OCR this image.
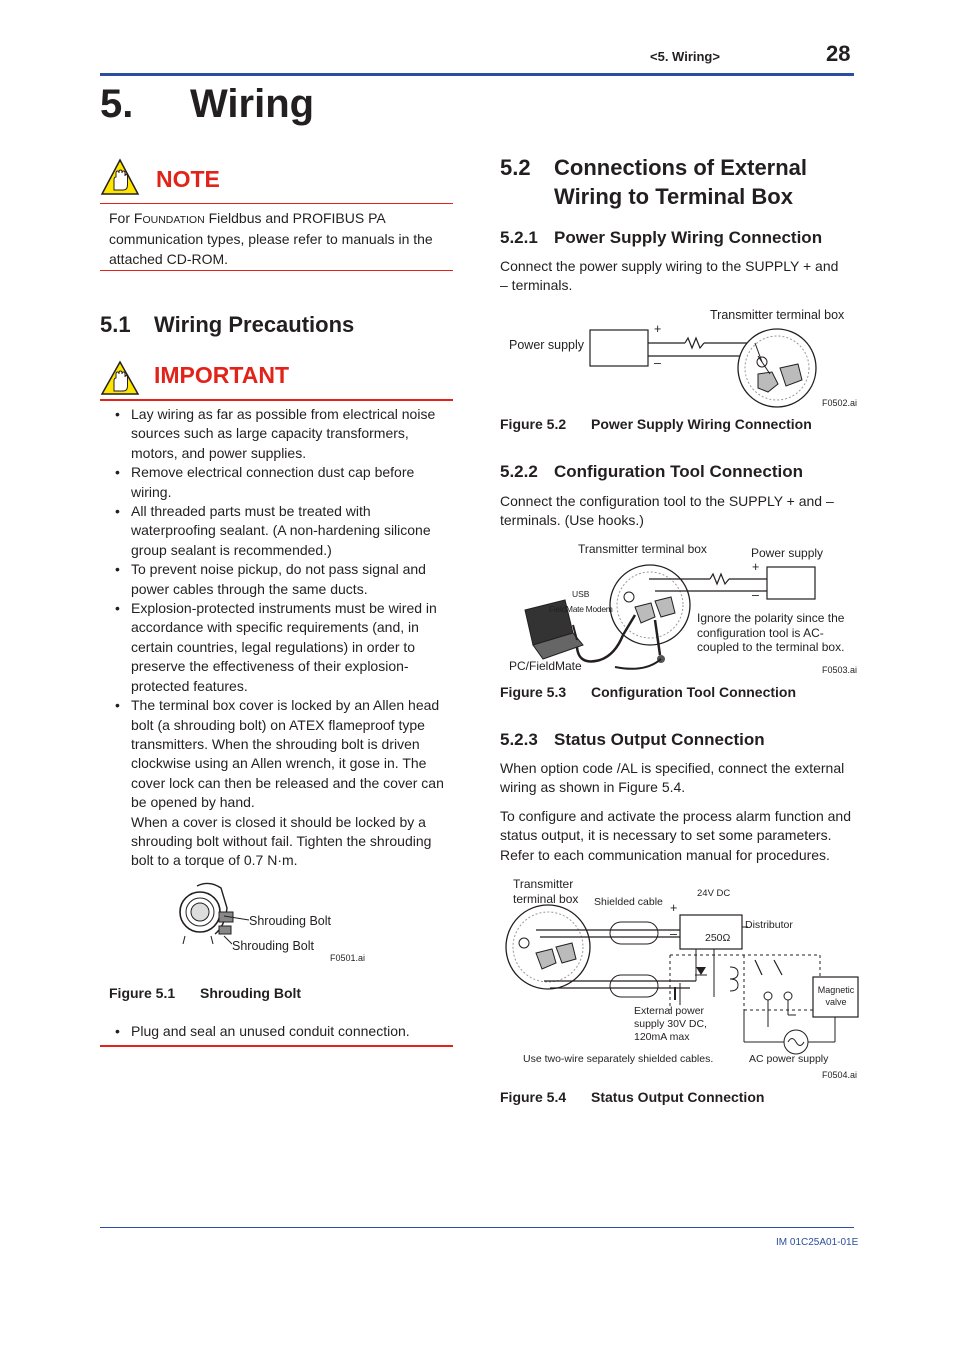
<5. Wiring>	28
5. Wiring
NOTE
For FOUNDATION Fieldbus and PROFIBUS PA communication types, please refer to manuals in the attached CD-ROM.
5.1 Wiring Precautions
IMPORTANT
• Lay wiring as far as possible from electrical noise sources such as large capacity transformers, motors, and power supplies.
• Remove electrical connection dust cap before wiring.
• All threaded parts must be treated with waterproofing sealant. (A non-hardening silicone group sealant is recommended.)
• To prevent noise pickup, do not pass signal and power cables through the same ducts.
• Explosion-protected instruments must be wired in accordance with specific requirements (and, in certain countries, legal regulations) in order to preserve the effectiveness of their explosion-protected features.
• The terminal box cover is locked by an Allen head bolt (a shrouding bolt) on ATEX flameproof type transmitters. When the shrouding bolt is driven clockwise using an Allen wrench, it gose in. The cover lock can then be released and the cover can be opened by hand.
When a cover is closed it should be locked by a shrouding bolt without fail. Tighten the shrouding bolt to a torque of 0.7 N·m.
Shrouding Bolt
Shrouding Bolt
F0501.ai
Figure 5.1 Shrouding Bolt
• Plug and seal an unused conduit connection.
5.2 Connections of External
Wiring to Terminal Box
5.2.1 Power Supply Wiring Connection
Connect the power supply wiring to the SUPPLY + and – terminals.
Power supply
Transmitter terminal box
+
–
F0502.ai
Figure 5.2 Power Supply Wiring Connection
5.2.2 Configuration Tool Connection
Connect the configuration tool to the SUPPLY + and – terminals. (Use hooks.)
Transmitter terminal box	Power supply
+
–
USB
FieldMate Modem
PC/FieldMate
Ignore the polarity since the configuration tool is AC-coupled to the terminal box.
F0503.ai
Figure 5.3 Configuration Tool Connection
5.2.3 Status Output Connection
When option code /AL is specified, connect the external wiring as shown in Figure 5.4.
To configure and activate the process alarm function and status output, it is necessary to set some parameters. Refer to each communication manual for procedures.
Transmitter
terminal box Shielded cable
24V DC
Distributor
250Ω
+
–
External power
supply 30V DC,
120mA max
Magnetic
valve
Use two-wire separately shielded cables.	AC power supply
F0504.ai
Figure 5.4 Status Output Connection
IM 01C25A01-01E
